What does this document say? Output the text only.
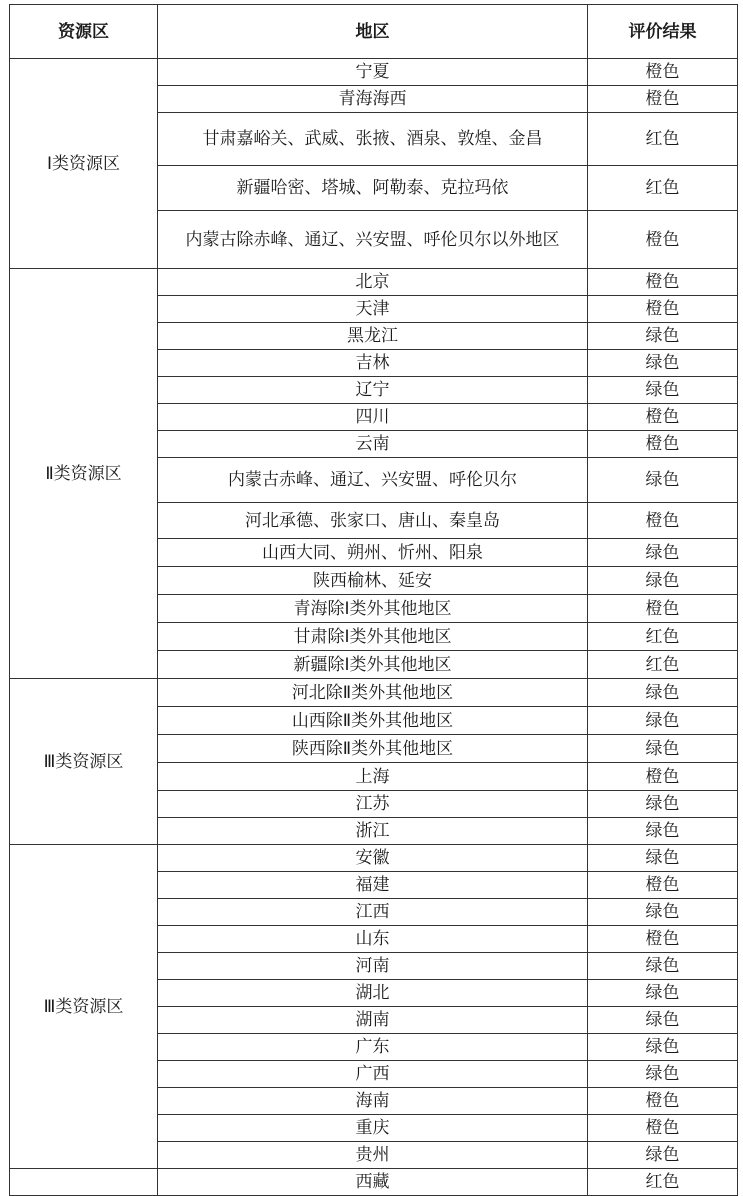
资源区	地区	评价结果
Ⅰ类资源区	宁夏	橙色
	青海海西	橙色
	甘肃嘉峪关、武威、张掖、酒泉、敦煌、金昌	红色
	新疆哈密、塔城、阿勒泰、克拉玛依	红色
	内蒙古除赤峰、通辽、兴安盟、呼伦贝尔以外地区	橙色
Ⅱ类资源区	北京	橙色
	天津	橙色
	黑龙江	绿色
	吉林	绿色
	辽宁	绿色
	四川	橙色
	云南	橙色
	内蒙古赤峰、通辽、兴安盟、呼伦贝尔	绿色
	河北承德、张家口、唐山、秦皇岛	橙色
	山西大同、朔州、忻州、阳泉	绿色
	陕西榆林、延安	绿色
	青海除Ⅰ类外其他地区	橙色
	甘肃除Ⅰ类外其他地区	红色
	新疆除Ⅰ类外其他地区	红色
Ⅲ类资源区	河北除Ⅱ类外其他地区	绿色
	山西除Ⅱ类外其他地区	绿色
	陕西除Ⅱ类外其他地区	绿色
	上海	橙色
	江苏	绿色
	浙江	绿色
Ⅲ类资源区	安徽	绿色
	福建	橙色
	江西	绿色
	山东	橙色
	河南	绿色
	湖北	绿色
	湖南	绿色
	广东	绿色
	广西	绿色
	海南	橙色
	重庆	橙色
	贵州	绿色
	西藏	红色
